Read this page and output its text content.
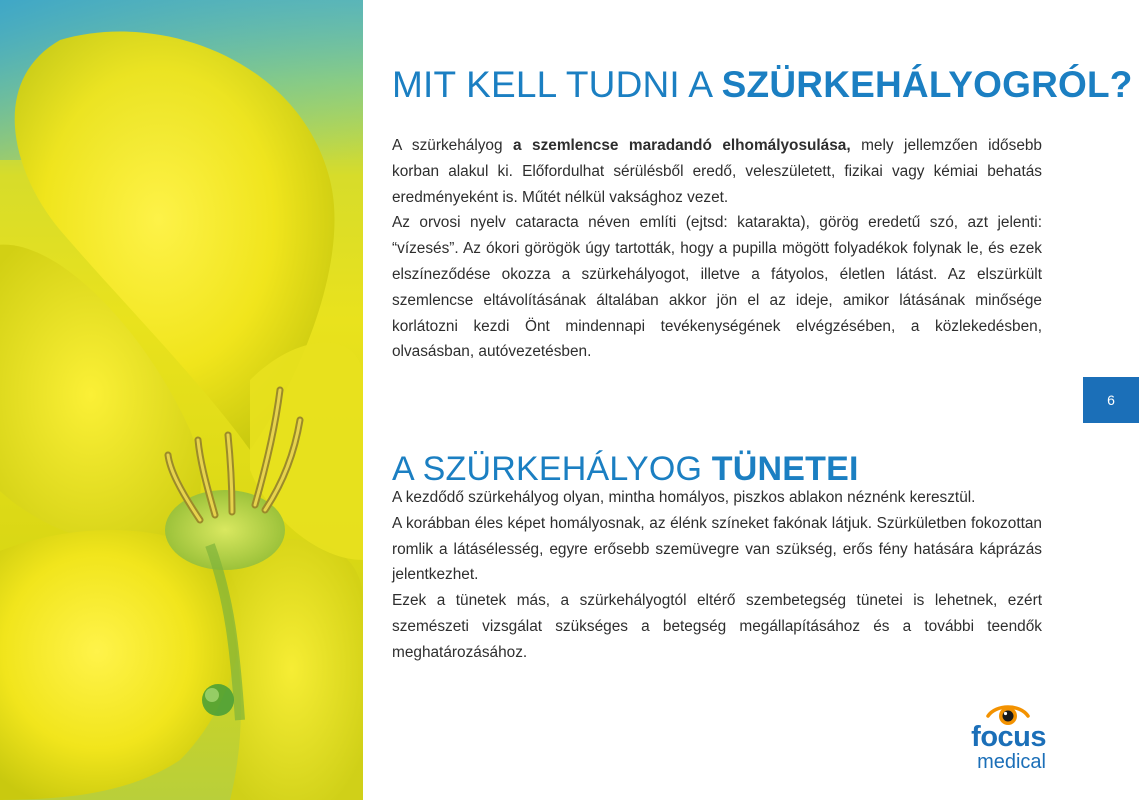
MIT KELL TUDNI A SZÜRKEHÁLYOGRÓL?

A szürkehályog a szemlencse maradandó elhomályosulása, mely jellemzően idősebb korban alakul ki. Előfordulhat sérülésből eredő, veleszületett, fizikai vagy kémiai behatás eredményeként is. Műtét nélkül vaksághoz vezet.

Az orvosi nyelv cataracta néven említi (ejtsd: katarakta), görög eredetű szó, azt jelenti: “vízesés”. Az ókori görögök úgy tartották, hogy a pupilla mögött folyadékok folynak le, és ezek elszíneződése okozza a szürkehályogot, illetve a fátyolos, életlen látást. Az elszürkült szemlencse eltávolításának általában akkor jön el az ideje, amikor látásának minősége korlátozni kezdi Önt mindennapi tevékenységének elvégzésében, a közlekedésben, olvasásban, autóvezetésben.

A SZÜRKEHÁLYOG TÜNETEI

A kezdődő szürkehályog olyan, mintha homályos, piszkos ablakon néznénk keresztül.

A korábban éles képet homályosnak, az élénk színeket fakónak látjuk. Szürkületben fokozottan romlik a látásélesség, egyre erősebb szemüvegre van szükség, erős fény hatására káprázás jelentkezhet.

Ezek a tünetek más, a szürkehályogtól eltérő szembetegség tünetei is lehetnek, ezért szemészeti vizsgálat szükséges a betegség megállapításához és a további teendők meghatározásához.

6
focus
medical
